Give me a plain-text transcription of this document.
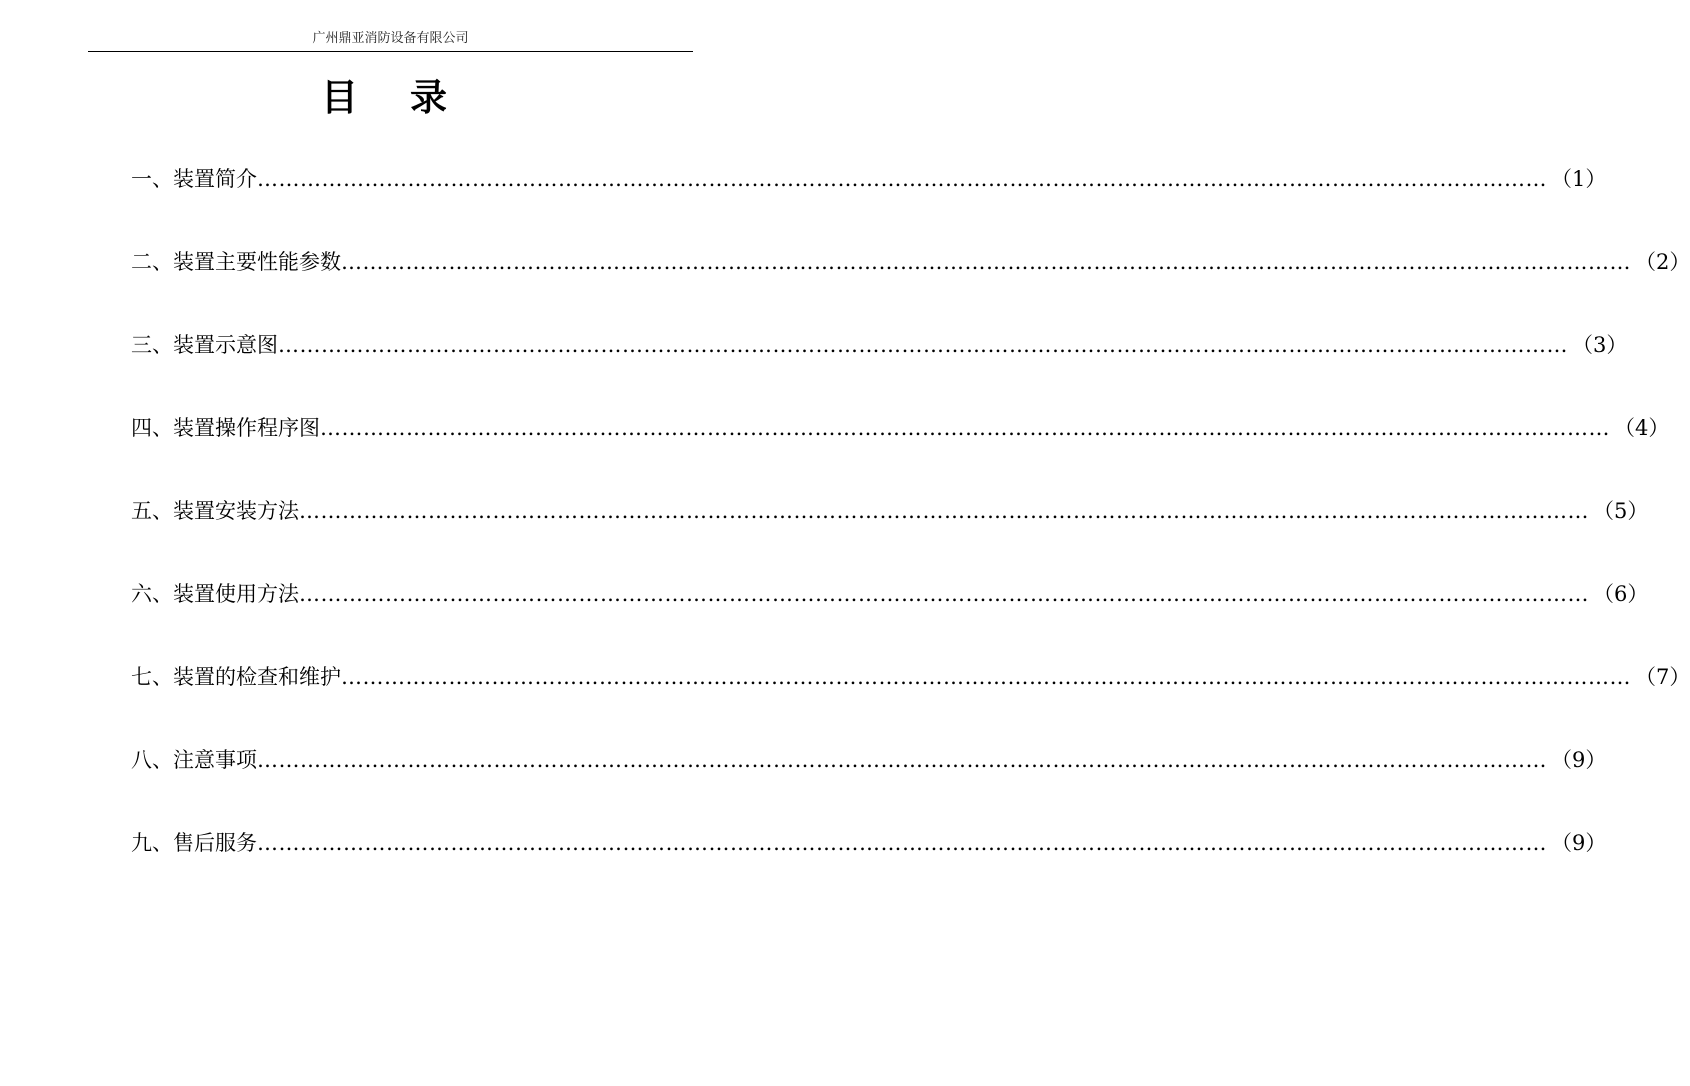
广州鼎亚消防设备有限公司
目录
一、装置简介 ……………………………………………………………………………………………………………………………………………………………… （1）
二、装置主要性能参数 ……………………………………………………………………………………………………………………………………………………………… （2）
三、装置示意图 ……………………………………………………………………………………………………………………………………………………………… （3）
四、装置操作程序图 ……………………………………………………………………………………………………………………………………………………………… （4）
五、装置安装方法 ……………………………………………………………………………………………………………………………………………………………… （5）
六、装置使用方法 ……………………………………………………………………………………………………………………………………………………………… （6）
七、装置的检查和维护 ……………………………………………………………………………………………………………………………………………………………… （7）
八、注意事项 ……………………………………………………………………………………………………………………………………………………………… （9）
九、售后服务 ……………………………………………………………………………………………………………………………………………………………… （9）
